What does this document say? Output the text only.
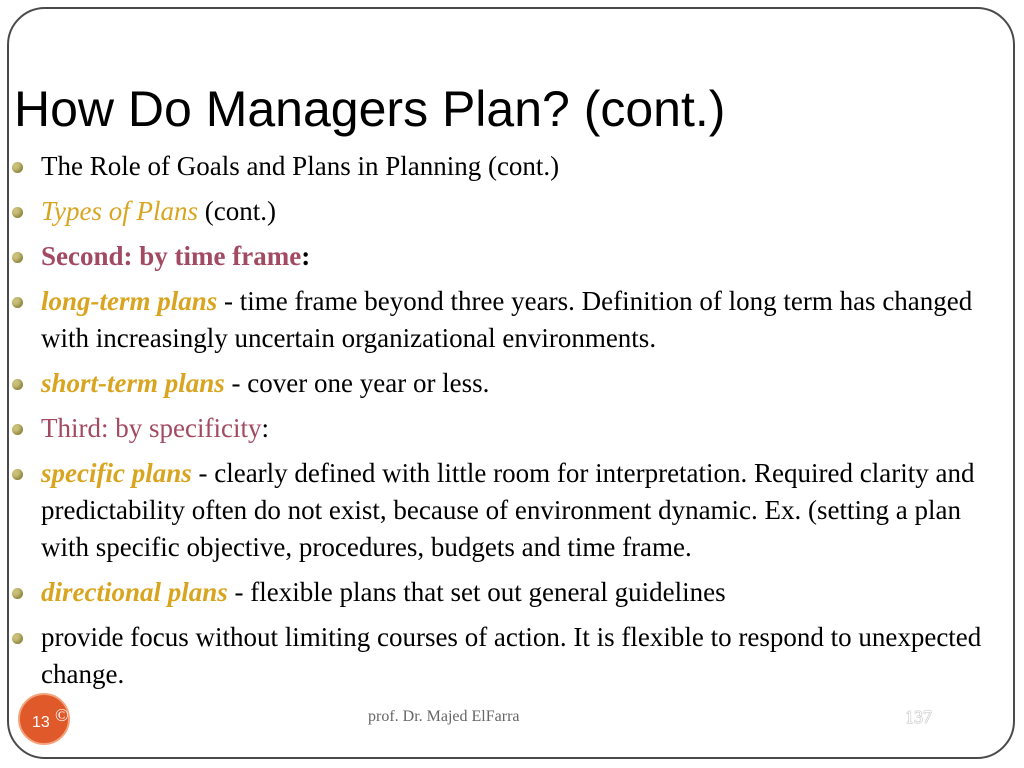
How Do Managers Plan? (cont.)
The Role of Goals and Plans in Planning (cont.)
Types of Plans (cont.)
Second: by time frame:
long-term plans - time frame beyond three years. Definition of long term has changed with increasingly uncertain organizational environments.
short-term plans - cover one year or less.
Third: by specificity:
specific plans - clearly defined with little room for interpretation. Required clarity and predictability often do not exist, because of environment dynamic. Ex. (setting a plan with specific objective, procedures, budgets and time frame.
directional plans - flexible plans that set out general guidelines
provide focus without limiting courses of action. It is flexible to respond to unexpected change.
13 ©	prof. Dr. Majed ElFarra	137
